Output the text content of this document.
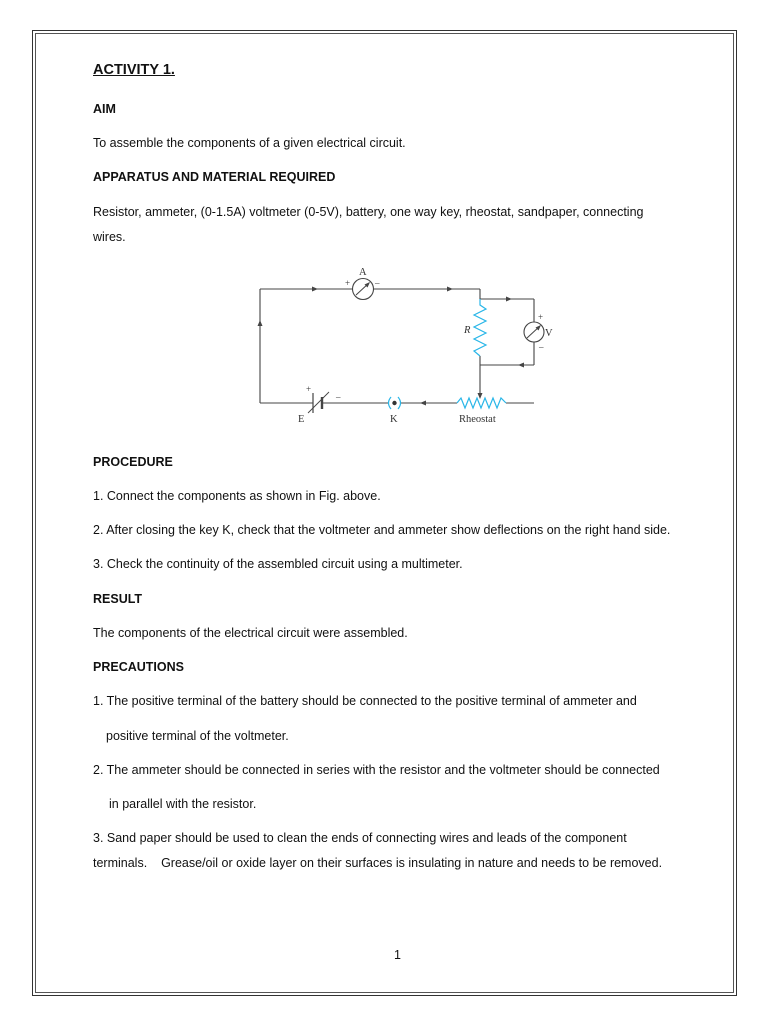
ACTIVITY 1.
AIM
To assemble the components of a given electrical circuit.
APPARATUS AND MATERIAL REQUIRED
Resistor, ammeter, (0-1.5A) voltmeter (0-5V), battery, one way key, rheostat, sandpaper, connecting
wires.
A
+	–
R	V
+
–
+
–
E	K	Rheostat
PROCEDURE
1. Connect the components as shown in Fig. above.
2. After closing the key K, check that the voltmeter and ammeter show deflections on the right hand side.
3. Check the continuity of the assembled circuit using a multimeter.
RESULT
The components of the electrical circuit were assembled.
PRECAUTIONS
1. The positive terminal of the battery should be connected to the positive terminal of ammeter and
positive terminal of the voltmeter.
2. The ammeter should be connected in series with the resistor and the voltmeter should be connected
in parallel with the resistor.
3. Sand paper should be used to clean the ends of connecting wires and leads of the component
terminals.    Grease/oil or oxide layer on their surfaces is insulating in nature and needs to be removed.
1
